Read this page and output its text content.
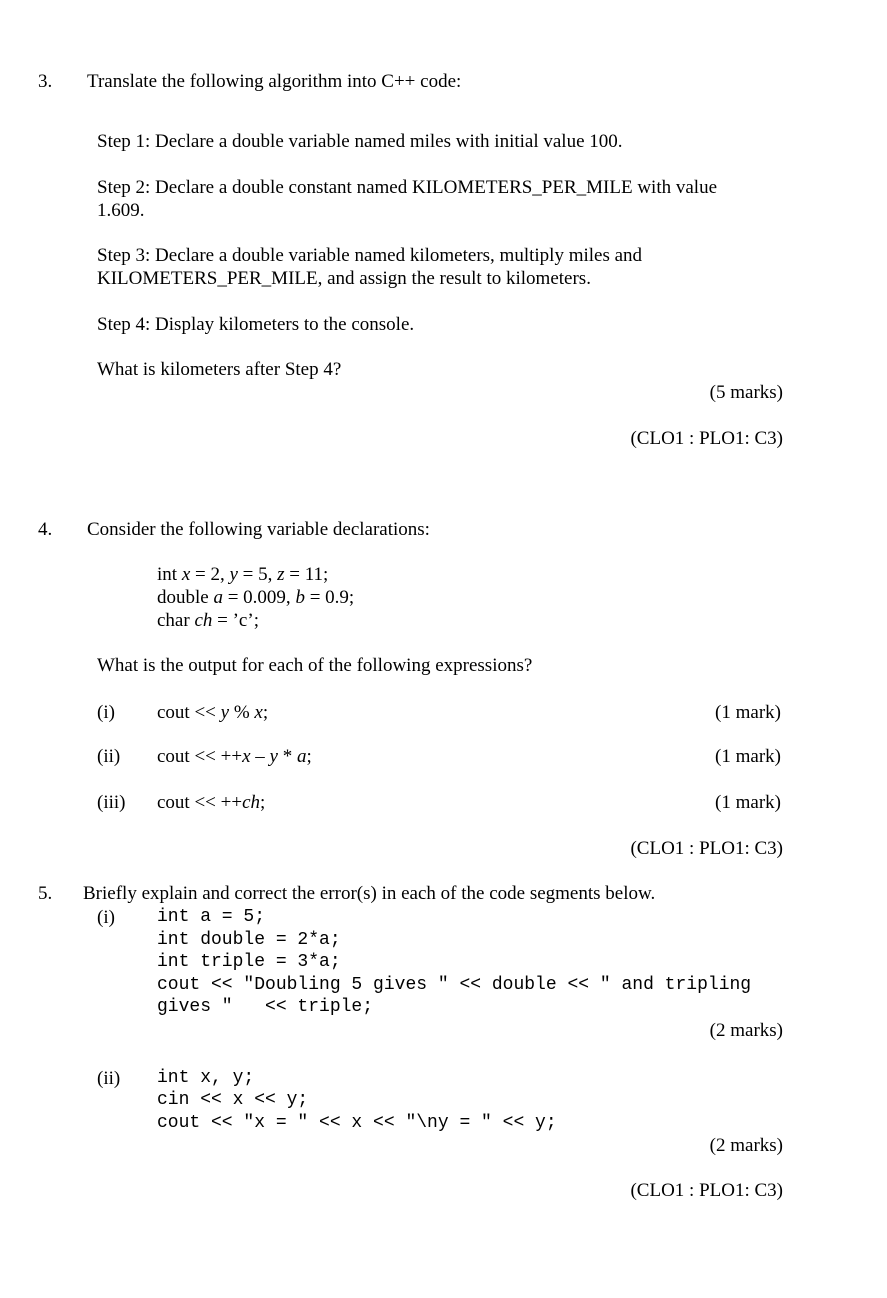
3. Translate the following algorithm into C++ code:
Step 1: Declare a double variable named miles with initial value 100.
Step 2: Declare a double constant named KILOMETERS_PER_MILE with value
1.609.
Step 3: Declare a double variable named kilometers, multiply miles and
KILOMETERS_PER_MILE, and assign the result to kilometers.
Step 4: Display kilometers to the console.
What is kilometers after Step 4?
(5 marks)
(CLO1 : PLO1: C3)
4. Consider the following variable declarations:
int x = 2, y = 5, z = 11;
double a = 0.009, b = 0.9;
char ch = ’c’;
What is the output for each of the following expressions?
(i) cout << y % x;	(1 mark)
(ii) cout << ++x – y * a;	(1 mark)
(iii) cout << ++ch;	(1 mark)
(CLO1 : PLO1: C3)
5. Briefly explain and correct the error(s) in each of the code segments below.
(i) int a = 5;
int double = 2*a;
int triple = 3*a;
cout << "Doubling 5 gives " << double << " and tripling
gives "   << triple;
(2 marks)
(ii) int x, y;
cin << x << y;
cout << "x = " << x << "\ny = " << y;
(2 marks)
(CLO1 : PLO1: C3)
